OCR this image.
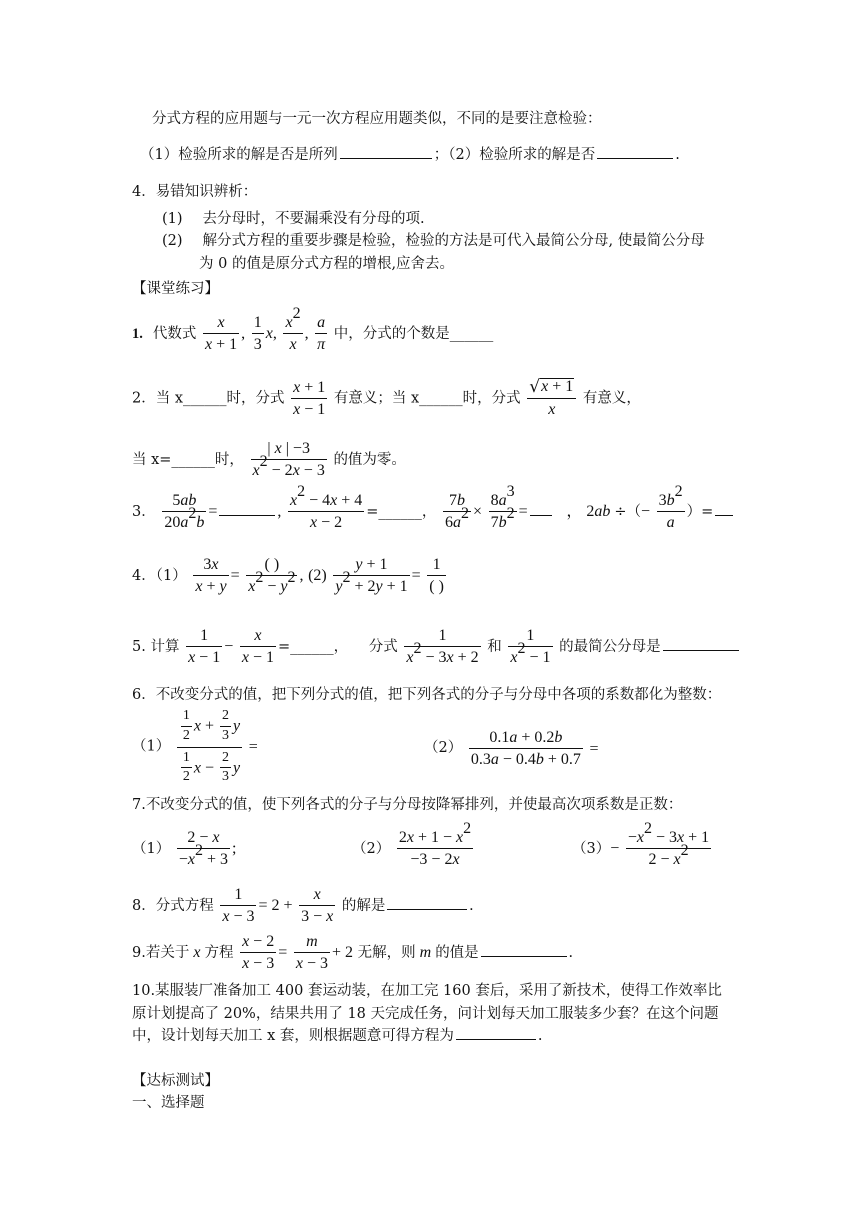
分式方程的应用题与一元一次方程应用题类似，不同的是要注意检验：
（1）检验所求的解是否是所列	；（2）检验所求的解是否	.
4．易错知识辨析：
(1) 去分母时，不要漏乘没有分母的项.
(2) 解分式方程的重要步骤是检验，检验的方法是可代入最简公分母, 使最简公分母
为 0 的值是原分式方程的增根,应舍去。
【课堂练习】
1. 代数式 $\frac{x}{x + 1}$ , $\frac{1}{3} x$, $\frac{x^2}{x}$ , $\frac{a}{\pi}$ 中，分式的个数是______
2．当 x______时，分式 $\frac{x + 1}{x - 1}$ 有意义；当 x______时，分式 $\frac{√x + 1}{x}$ 有意义，
当 x=______时， $\frac{| x | -3}{x^2 - 2x - 3}$ 的值为零。
3． $\frac{5ab}{20a^2b}$ =	, $\frac{x^2 - 4x + 4}{x - 2}$ =______， $\frac{7b}{6a^2} \times \frac{8a^3}{7b^2}$ = ， 2ab ÷（− $\frac{3b^2}{a}$ ）=
4．$(1) \frac{3x}{x + y}$ =
( )
$x^2 - y^2$ , $(2) \frac{y + 1}{y^2 + 2y + 1}$ =
1
( )
5. 计算 $\frac{1}{x - 1} - \frac{x}{x - 1}$ =______， 分式 $\frac{1}{x^2 - 3x + 2}$ 和 $\frac{1}{x^2 - 1}$ 的最简公分母是
6．不改变分式的值，把下列分式的值，把下列各式的分子与分母中各项的系数都化为整数：
$(1) \frac{\frac{1}{2} x + \frac{2}{3} y}{\frac{1}{2} x - \frac{2}{3} y}$ =	$(2) \frac{0.1a + 0.2b}{0.3a - 0.4b + 0.7}$ =
7.不改变分式的值，使下列各式的分子与分母按降幂排列，并使最高次项系数是正数：
$(1) \frac{2 - x}{-x^2 + 3}$ ;	$(2) \frac{2x + 1 - x^2}{-3 - 2x}$	$(3)- \frac{-x^2 - 3x + 1}{2 - x^2}$
8．分式方程 $\frac{1}{x - 3} = 2 + \frac{x}{3 - x}$ 的解是	.
9.若关于 x 方程 $\frac{x - 2}{x - 3} = \frac{m}{x - 3} + 2$ 无解，则 m 的值是	.
10.某服装厂准备加工 400 套运动装，在加工完 160 套后，采用了新技术，使得工作效率比
原计划提高了 20%，结果共用了 18 天完成任务，问计划每天加工服装多少套？在这个问题
中，设计划每天加工 x 套，则根据题意可得方程为	.
【达标测试】
一、选择题
